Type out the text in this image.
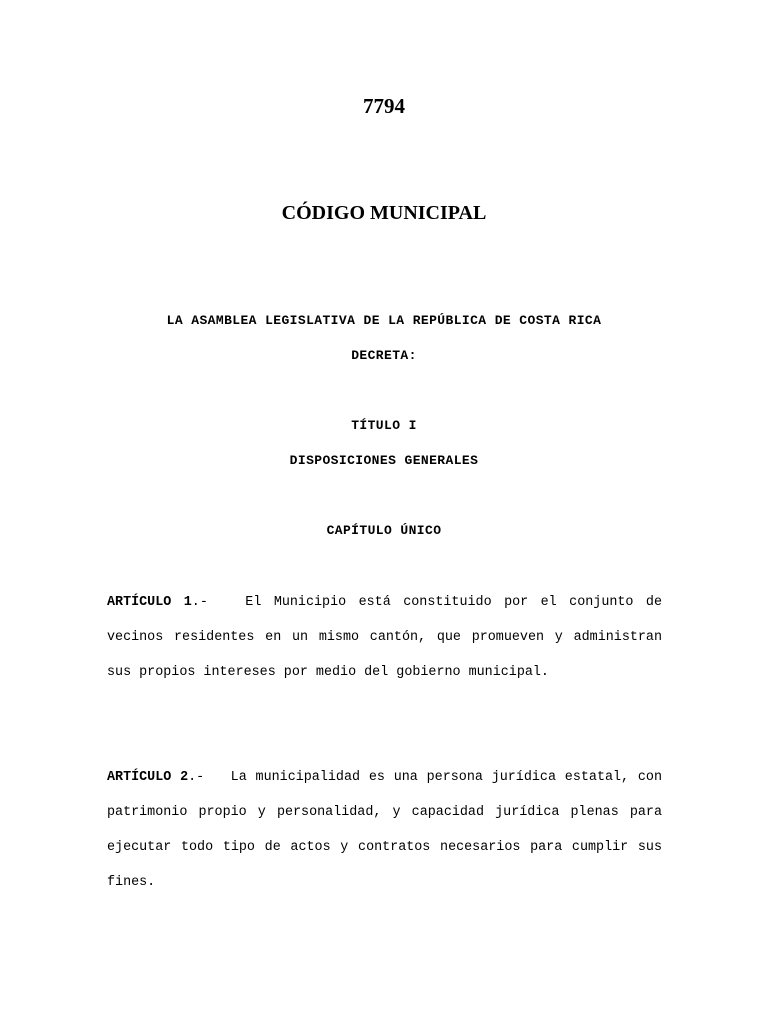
7794
CÓDIGO MUNICIPAL
LA ASAMBLEA LEGISLATIVA DE LA REPÚBLICA DE COSTA RICA
DECRETA:
TÍTULO I
DISPOSICIONES GENERALES
CAPÍTULO ÚNICO
ARTÍCULO 1.-	El Municipio está constituido por el conjunto de vecinos residentes en un mismo cantón, que promueven y administran sus propios intereses por medio del gobierno municipal.
ARTÍCULO 2.- La municipalidad es una persona jurídica estatal, con patrimonio propio y personalidad, y capacidad jurídica plenas para ejecutar todo tipo de actos y contratos necesarios para cumplir sus fines.
